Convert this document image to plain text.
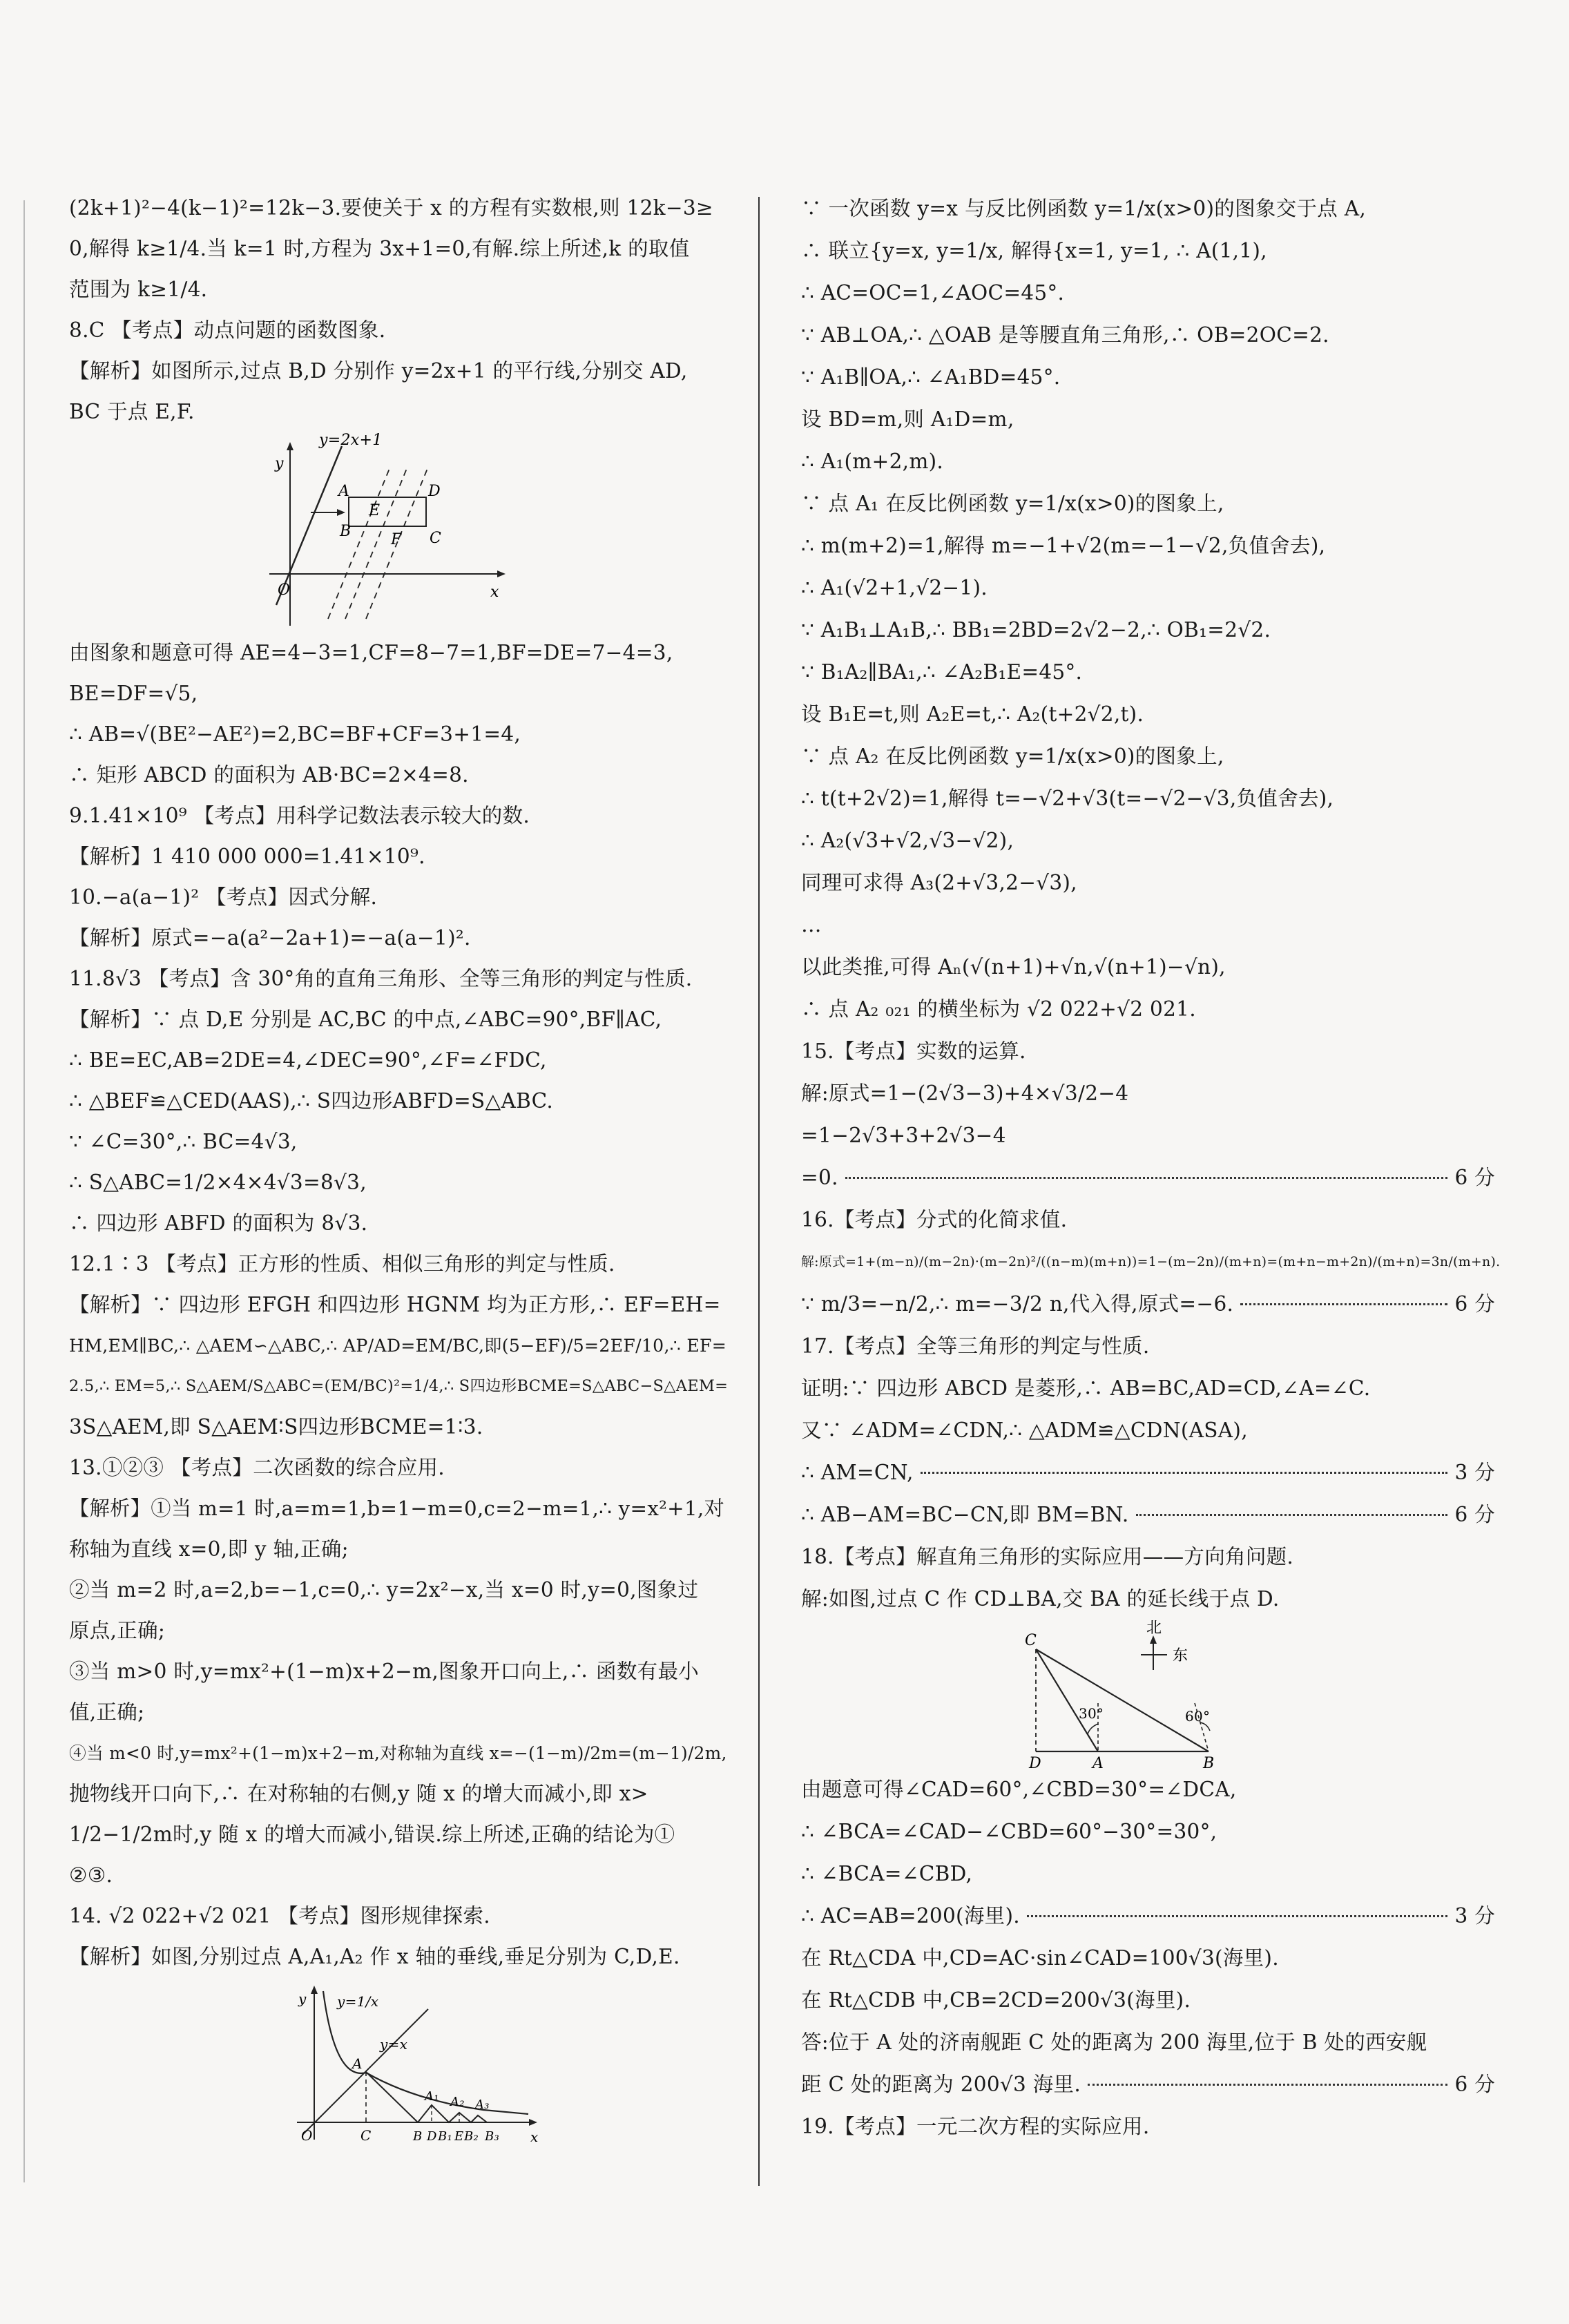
(2k+1)²−4(k−1)²=12k−3.要使关于 x 的方程有实数根,则 12k−3≥
0,解得 k≥1/4.当 k=1 时,方程为 3x+1=0,有解.综上所述,k 的取值
范围为 k≥1/4.
8.C 【考点】动点问题的函数图象.
【解析】如图所示,过点 B,D 分别作 y=2x+1 的平行线,分别交 AD,
BC 于点 E,F.
y=2x+1
y
x
O
A
B	C
D
E
F
由图象和题意可得 AE=4−3=1,CF=8−7=1,BF=DE=7−4=3,
BE=DF=√5,
∴ AB=√(BE²−AE²)=2,BC=BF+CF=3+1=4,
∴ 矩形 ABCD 的面积为 AB·BC=2×4=8.
9.1.41×10⁹ 【考点】用科学记数法表示较大的数.
【解析】1 410 000 000=1.41×10⁹.
10.−a(a−1)² 【考点】因式分解.
【解析】原式=−a(a²−2a+1)=−a(a−1)².
11.8√3 【考点】含 30°角的直角三角形、全等三角形的判定与性质.
【解析】∵ 点 D,E 分别是 AC,BC 的中点,∠ABC=90°,BF∥AC,
∴ BE=EC,AB=2DE=4,∠DEC=90°,∠F=∠FDC,
∴ △BEF≌△CED(AAS),∴ S四边形ABFD=S△ABC.
∵ ∠C=30°,∴ BC=4√3,
∴ S△ABC=1/2×4×4√3=8√3,
∴ 四边形 ABFD 的面积为 8√3.
12.1∶3 【考点】正方形的性质、相似三角形的判定与性质.
【解析】∵ 四边形 EFGH 和四边形 HGNM 均为正方形,∴ EF=EH=
HM,EM∥BC,∴ △AEM∽△ABC,∴ AP/AD=EM/BC,即(5−EF)/5=2EF/10,∴ EF=
2.5,∴ EM=5,∴ S△AEM/S△ABC=(EM/BC)²=1/4,∴ S四边形BCME=S△ABC−S△AEM=
3S△AEM,即 S△AEM∶S四边形BCME=1∶3.
13.①②③ 【考点】二次函数的综合应用.
【解析】①当 m=1 时,a=m=1,b=1−m=0,c=2−m=1,∴ y=x²+1,对
称轴为直线 x=0,即 y 轴,正确;
②当 m=2 时,a=2,b=−1,c=0,∴ y=2x²−x,当 x=0 时,y=0,图象过
原点,正确;
③当 m>0 时,y=mx²+(1−m)x+2−m,图象开口向上,∴ 函数有最小
值,正确;
④当 m<0 时,y=mx²+(1−m)x+2−m,对称轴为直线 x=−(1−m)/2m=(m−1)/2m,
抛物线开口向下,∴ 在对称轴的右侧,y 随 x 的增大而减小,即 x>
1/2−1/2m时,y 随 x 的增大而减小,错误.综上所述,正确的结论为①
②③.
14. √2 022+√2 021 【考点】图形规律探索.
【解析】如图,分别过点 A,A₁,A₂ 作 x 轴的垂线,垂足分别为 C,D,E.
y=1/x
y=x
y
x
O
A
A₁ A₂ A₃
C	B D B₁ E B₂ B₃
∵ 一次函数 y=x 与反比例函数 y=1/x(x>0)的图象交于点 A,
∴ 联立{y=x, y=1/x, 解得{x=1, y=1, ∴ A(1,1),
∴ AC=OC=1,∠AOC=45°.
∵ AB⊥OA,∴ △OAB 是等腰直角三角形,∴ OB=2OC=2.
∵ A₁B∥OA,∴ ∠A₁BD=45°.
设 BD=m,则 A₁D=m,
∴ A₁(m+2,m).
∵ 点 A₁ 在反比例函数 y=1/x(x>0)的图象上,
∴ m(m+2)=1,解得 m=−1+√2(m=−1−√2,负值舍去),
∴ A₁(√2+1,√2−1).
∵ A₁B₁⊥A₁B,∴ BB₁=2BD=2√2−2,∴ OB₁=2√2.
∵ B₁A₂∥BA₁,∴ ∠A₂B₁E=45°.
设 B₁E=t,则 A₂E=t,∴ A₂(t+2√2,t).
∵ 点 A₂ 在反比例函数 y=1/x(x>0)的图象上,
∴ t(t+2√2)=1,解得 t=−√2+√3(t=−√2−√3,负值舍去),
∴ A₂(√3+√2,√3−√2),
同理可求得 A₃(2+√3,2−√3),
…
以此类推,可得 Aₙ(√(n+1)+√n,√(n+1)−√n),
∴ 点 A₂ ₀₂₁ 的横坐标为 √2 022+√2 021.
15.【考点】实数的运算.
解:原式=1−(2√3−3)+4×√3/2−4
=1−2√3+3+2√3−4
=0.	6 分
16.【考点】分式的化简求值.
解:原式=1+(m−n)/(m−2n)·(m−2n)²/((n−m)(m+n))=1−(m−2n)/(m+n)=(m+n−m+2n)/(m+n)=3n/(m+n).
∵ m/3=−n/2,∴ m=−3/2 n,代入得,原式=−6.	6 分
17.【考点】全等三角形的判定与性质.
证明:∵ 四边形 ABCD 是菱形,∴ AB=BC,AD=CD,∠A=∠C.
又∵ ∠ADM=∠CDN,∴ △ADM≌△CDN(ASA),
∴ AM=CN,	3 分
∴ AB−AM=BC−CN,即 BM=BN.	6 分
18.【考点】解直角三角形的实际应用——方向角问题.
解:如图,过点 C 作 CD⊥BA,交 BA 的延长线于点 D.
北
东
C
D	A	B
30°	60°
由题意可得∠CAD=60°,∠CBD=30°=∠DCA,
∴ ∠BCA=∠CAD−∠CBD=60°−30°=30°,
∴ ∠BCA=∠CBD,
∴ AC=AB=200(海里).	3 分
在 Rt△CDA 中,CD=AC·sin∠CAD=100√3(海里).
在 Rt△CDB 中,CB=2CD=200√3(海里).
答:位于 A 处的济南舰距 C 处的距离为 200 海里,位于 B 处的西安舰
距 C 处的距离为 200√3 海里.	6 分
19.【考点】一元二次方程的实际应用.
